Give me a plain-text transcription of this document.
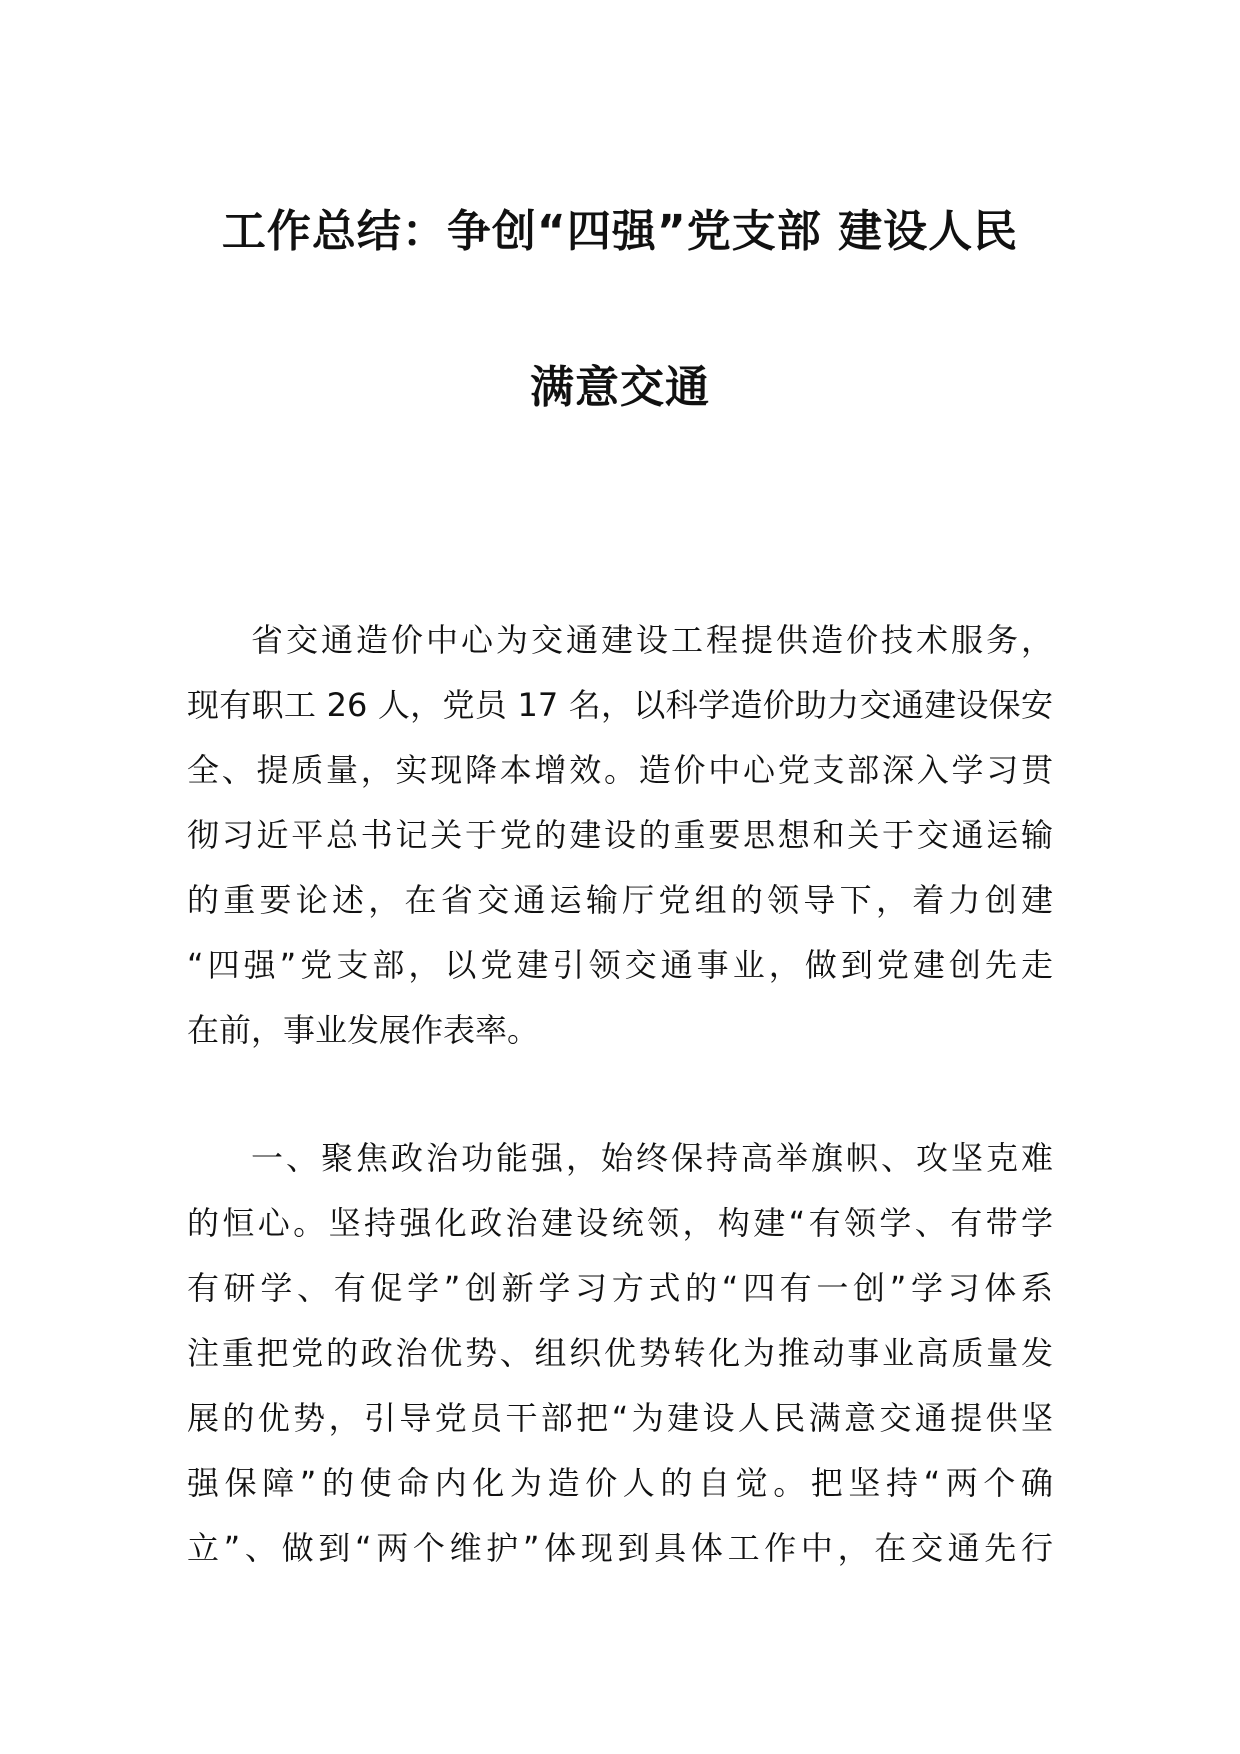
工作总结：争创“四强”党支部 建设人民
满意交通
省交通造价中心为交通建设工程提供造价技术服务，
现有职工 26 人，党员 17 名，以科学造价助力交通建设保安
全、提质量，实现降本增效。造价中心党支部深入学习贯
彻习近平总书记关于党的建设的重要思想和关于交通运输
的重要论述，在省交通运输厅党组的领导下，着力创建
“四强”党支部，以党建引领交通事业，做到党建创先走
在前，事业发展作表率。
一、聚焦政治功能强，始终保持高举旗帜、攻坚克难
的恒心。坚持强化政治建设统领，构建“有领学、有带学
有研学、有促学”创新学习方式的“四有一创”学习体系
注重把党的政治优势、组织优势转化为推动事业高质量发
展的优势，引导党员干部把“为建设人民满意交通提供坚
强保障”的使命内化为造价人的自觉。把坚持“两个确
立”、做到“两个维护”体现到具体工作中，在交通先行
